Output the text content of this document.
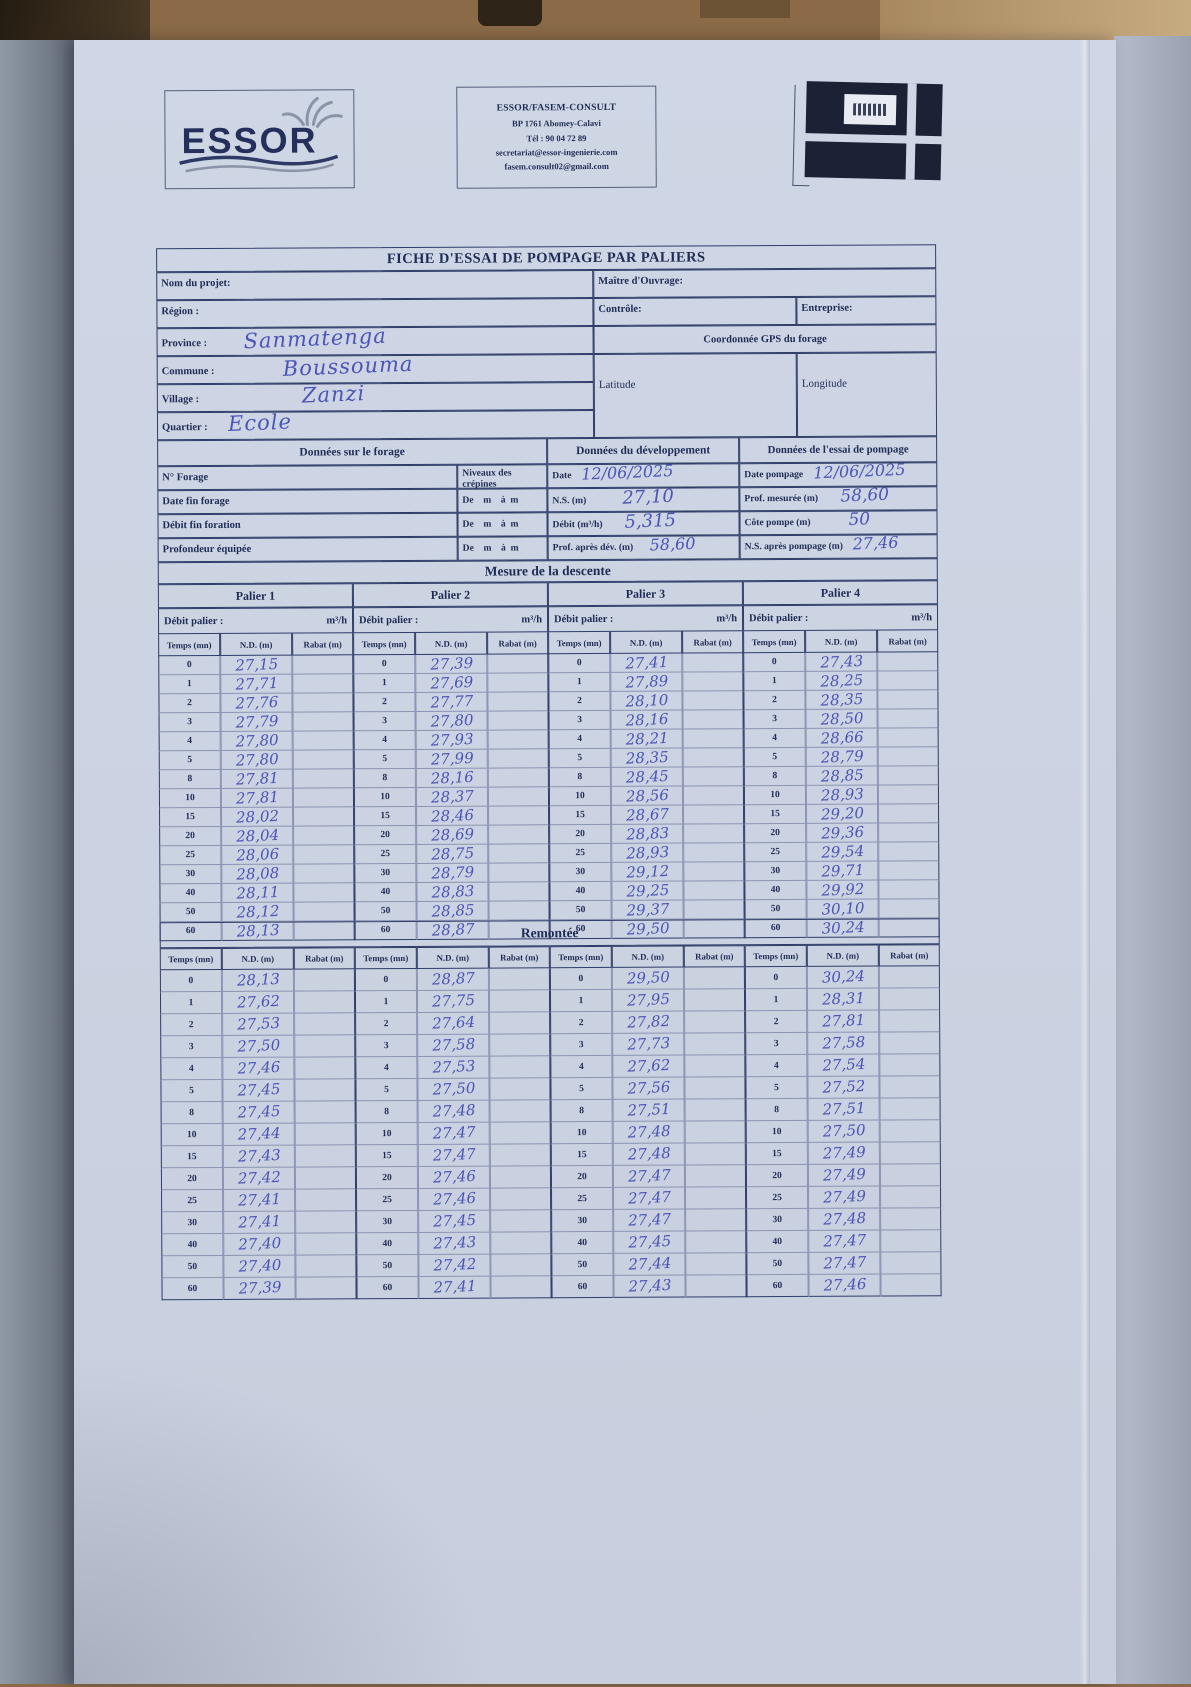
ESSOR
ESSOR/FASEM-CONSULT
BP 1761 Abomey-Calavi
Tél : 90 04 72 89
secretariat@essor-ingenierie.com
fasem.consult02@gmail.com
FICHE D'ESSAI DE POMPAGE PAR PALIERS
Nom du projet:	Maître d'Ouvrage:
Région :	Contrôle:	Entreprise:
Province : Sanmatenga	Coordonnée GPS du forage
Commune :	Boussouma
Latitude	Longitude
Village :	Zanzi
Quartier : Ecole
Données sur le forage	Données du développement	Données de l'essai de pompage
N° Forage	Niveaux des crépines
Date fin forage	De    m    à  m
Débit fin foration	De    m    à  m
Profondeur équipée	De    m    à  m
Date 12/06/2025
N.S. (m) 27,10
Débit (m³/h) 5,315
Prof. après dév. (m) 58,60
Date pompage 12/06/2025
Prof. mesurée (m) 58,60
Côte pompe (m) 50
N.S. après pompage (m) 27,46
Mesure de la descente
Palier 1
Débit palier :	m³/h
Temps (mn)	N.D. (m)	Rabat (m)
0	27,15
1	27,71
2	27,76
3	27,79
4	27,80
5	27,80
8	27,81
10	27,81
15	28,02
20	28,04
25	28,06
30	28,08
40	28,11
50	28,12
60	28,13
Palier 2
Débit palier :	m³/h
Temps (mn)	N.D. (m)	Rabat (m)
0	27,39
1	27,69
2	27,77
3	27,80
4	27,93
5	27,99
8	28,16
10	28,37
15	28,46
20	28,69
25	28,75
30	28,79
40	28,83
50	28,85
60	28,87
Palier 3
Débit palier :	m³/h
Temps (mn)	N.D. (m)	Rabat (m)
0	27,41
1	27,89
2	28,10
3	28,16
4	28,21
5	28,35
8	28,45
10	28,56
15	28,67
20	28,83
25	28,93
30	29,12
40	29,25
50	29,37
60	29,50
Palier 4
Débit palier :	m³/h
Temps (mn)	N.D. (m)	Rabat (m)
0	27,43
1	28,25
2	28,35
3	28,50
4	28,66
5	28,79
8	28,85
10	28,93
15	29,20
20	29,36
25	29,54
30	29,71
40	29,92
50	30,10
60	30,24
Remontée
Temps (mn)	N.D. (m)	Rabat (m)
0	28,13
1	27,62
2	27,53
3	27,50
4	27,46
5	27,45
8	27,45
10	27,44
15	27,43
20	27,42
25	27,41
30	27,41
40	27,40
50	27,40
60	27,39
Temps (mn)	N.D. (m)	Rabat (m)
0	28,87
1	27,75
2	27,64
3	27,58
4	27,53
5	27,50
8	27,48
10	27,47
15	27,47
20	27,46
25	27,46
30	27,45
40	27,43
50	27,42
60	27,41
Temps (mn)	N.D. (m)	Rabat (m)
0	29,50
1	27,95
2	27,82
3	27,73
4	27,62
5	27,56
8	27,51
10	27,48
15	27,48
20	27,47
25	27,47
30	27,47
40	27,45
50	27,44
60	27,43
Temps (mn)	N.D. (m)	Rabat (m)
0	30,24
1	28,31
2	27,81
3	27,58
4	27,54
5	27,52
8	27,51
10	27,50
15	27,49
20	27,49
25	27,49
30	27,48
40	27,47
50	27,47
60	27,46
